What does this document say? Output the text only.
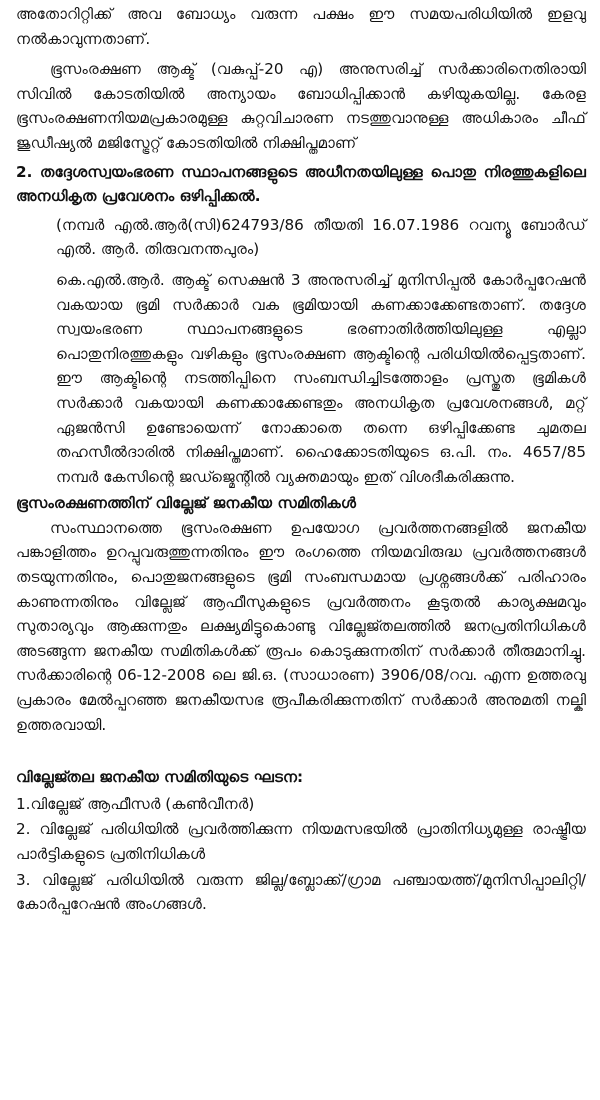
അതോറിറ്റിക്ക് അവ ബോധ്യം വരുന്ന പക്ഷം ഈ സമയപരിധിയിൽ ഇളവു നൽകാവുന്നതാണ്.

ഭൂസംരക്ഷണ ആക്ട് (വകുപ്പ്-20 എ) അനുസരിച്ച് സർക്കാരിനെതിരായി സിവിൽ കോടതിയിൽ അന്യായം ബോധിപ്പിക്കാൻ കഴിയുകയില്ല. കേരള ഭൂസംരക്ഷണനിയമപ്രകാരമുള്ള കുറ്റവിചാരണ നടത്തുവാനുള്ള അധികാരം ചീഫ് ജുഡീഷ്യൽ മജിസ്ട്രേറ്റ് കോടതിയിൽ നിക്ഷിപ്തമാണ്

2. തദ്ദേശസ്വയംഭരണ സ്ഥാപനങ്ങളുടെ അധീനതയിലുള്ള പൊതു നിരത്തുകളിലെ അനധികൃത പ്രവേശനം ഒഴിപ്പിക്കൽ.

(നമ്പർ എൽ.ആർ(സി)624793/86 തീയതി 16.07.1986 റവന്യൂ ബോർഡ് എൽ. ആർ. തിരുവനന്തപുരം)

കെ.എൽ.ആർ. ആക്ട് സെക്ഷൻ 3 അനുസരിച്ച് മുനിസിപ്പൽ കോർപ്പറേഷൻ വകയായ ഭൂമി സർക്കാർ വക ഭൂമിയായി കണക്കാക്കേണ്ടതാണ്. തദ്ദേശ സ്വയംഭരണ സ്ഥാപനങ്ങളുടെ ഭരണാതിർത്തിയിലുള്ള എല്ലാ പൊതുനിരത്തുകളും വഴികളും ഭൂസംരക്ഷണ ആക്ടിന്റെ പരിധിയിൽപ്പെട്ടതാണ്. ഈ ആക്ടിന്റെ നടത്തിപ്പിനെ സംബന്ധിച്ചിടത്തോളം പ്രസ്തുത ഭൂമികൾ സർക്കാർ വകയായി കണക്കാക്കേണ്ടതും അനധികൃത പ്രവേശനങ്ങൾ, മറ്റ് ഏജൻസി ഉണ്ടോയെന്ന് നോക്കാതെ തന്നെ ഒഴിപ്പിക്കേണ്ട ചുമതല തഹസീൽദാരിൽ നിക്ഷിപ്തമാണ്. ഹൈക്കോടതിയുടെ ഒ.പി. നം. 4657/85 നമ്പർ കേസിന്റെ ജഡ്ജ്മെന്റിൽ വ്യക്തമായും ഇത് വിശദീകരിക്കുന്നു.

ഭൂസംരക്ഷണത്തിന് വില്ലേജ് ജനകീയ സമിതികൾ

സംസ്ഥാനത്തെ ഭൂസംരക്ഷണ ഉപയോഗ പ്രവർത്തനങ്ങളിൽ ജനകീയ പങ്കാളിത്തം ഉറപ്പുവരുത്തുന്നതിനും ഈ രംഗത്തെ നിയമവിരുദ്ധ പ്രവർത്തനങ്ങൾ തടയുന്നതിനും, പൊതുജനങ്ങളുടെ ഭൂമി സംബന്ധമായ പ്രശ്നങ്ങൾക്ക് പരിഹാരം കാണുന്നതിനും വില്ലേജ് ആഫീസുകളുടെ പ്രവർത്തനം കൂടുതൽ കാര്യക്ഷമവും സുതാര്യവും ആക്കുന്നതും ലക്ഷ്യമിട്ടുകൊണ്ടു വില്ലേജ്തലത്തിൽ ജനപ്രതിനിധികൾ അടങ്ങുന്ന ജനകീയ സമിതികൾക്ക് രൂപം കൊടുക്കുന്നതിന് സർക്കാർ തീരുമാനിച്ചു. സർക്കാരിന്റെ 06-12-2008 ലെ ജി.ഒ. (സാധാരണ) 3906/08/റവ. എന്ന ഉത്തരവു പ്രകാരം മേൽപ്പറഞ്ഞ ജനകീയസഭ രൂപീകരിക്കുന്നതിന് സർക്കാർ അനുമതി നല്കി ഉത്തരവായി.

വില്ലേജ്തല ജനകീയ സമിതിയുടെ ഘടന:

1.വില്ലേജ് ആഫീസർ (കൺവീനർ)

2. വില്ലേജ് പരിധിയിൽ പ്രവർത്തിക്കുന്ന നിയമസഭയിൽ പ്രാതിനിധ്യമുള്ള രാഷ്ട്രീയ പാർട്ടികളുടെ പ്രതിനിധികൾ

3. വില്ലേജ് പരിധിയിൽ വരുന്ന ജില്ല/ബ്ലോക്ക്/ഗ്രാമ പഞ്ചായത്ത്/മുനിസിപ്പാലിറ്റി/കോർപ്പറേഷൻ അംഗങ്ങൾ.
